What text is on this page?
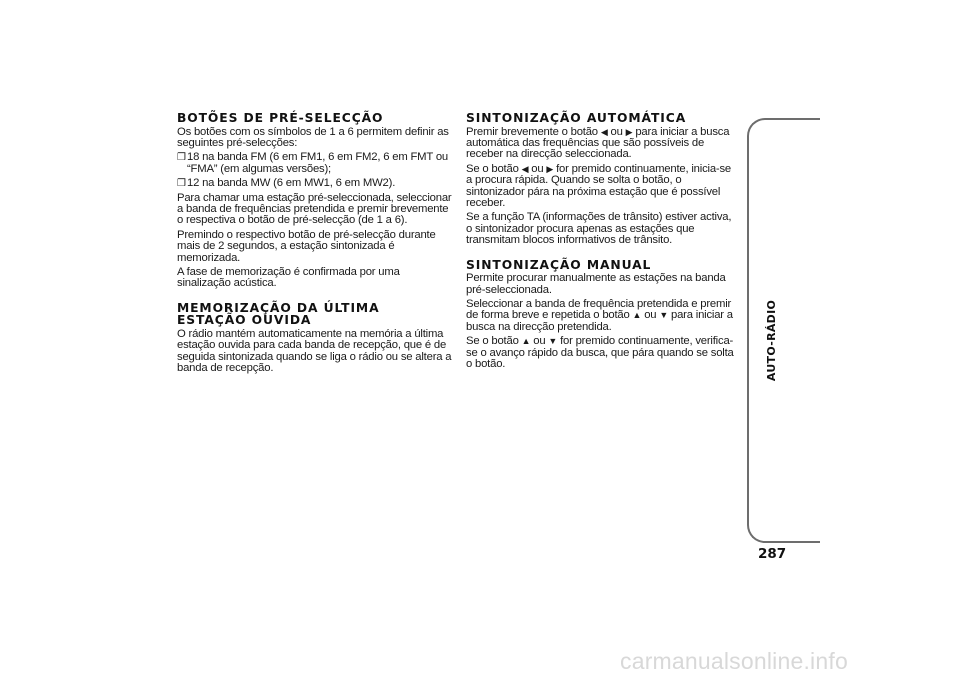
BOTÕES DE PRÉ-SELECÇÃO

Os botões com os símbolos de 1 a 6 permitem definir as seguintes pré-selecções:

❒ 18 na banda FM (6 em FM1, 6 em FM2, 6 em FMT ou “FMA” (em algumas versões);
❒ 12 na banda MW (6 em MW1, 6 em MW2).

Para chamar uma estação pré-seleccionada, seleccionar a banda de frequências pretendida e premir brevemente o respectiva o botão de pré-selecção (de 1 a 6).

Premindo o respectivo botão de pré-selecção durante mais de 2 segundos, a estação sintonizada é memorizada.

A fase de memorização é confirmada por uma sinalização acústica.

MEMORIZAÇÃO DA ÚLTIMA ESTAÇÃO OUVIDA

O rádio mantém automaticamente na memória a última estação ouvida para cada banda de recepção, que é de seguida sintonizada quando se liga o rádio ou se altera a banda de recepção.

SINTONIZAÇÃO AUTOMÁTICA

Premir brevemente o botão ◀ ou ▶ para iniciar a busca automática das frequências que são possíveis de receber na direcção seleccionada.

Se o botão ◀ ou ▶ for premido continuamente, inicia-se a procura rápida. Quando se solta o botão, o sintonizador pára na próxima estação que é possível receber.

Se a função TA (informações de trânsito) estiver activa, o sintonizador procura apenas as estações que transmitam blocos informativos de trânsito.

SINTONIZAÇÃO MANUAL

Permite procurar manualmente as estações na banda pré-seleccionada.

Seleccionar a banda de frequência pretendida e premir de forma breve e repetida o botão ▲ ou ▼ para iniciar a busca na direcção pretendida.

Se o botão ▲ ou ▼ for premido continuamente, verifica-se o avanço rápido da busca, que pára quando se solta o botão.	AUTO-RÁDIO
287
carmanualsonline.info
